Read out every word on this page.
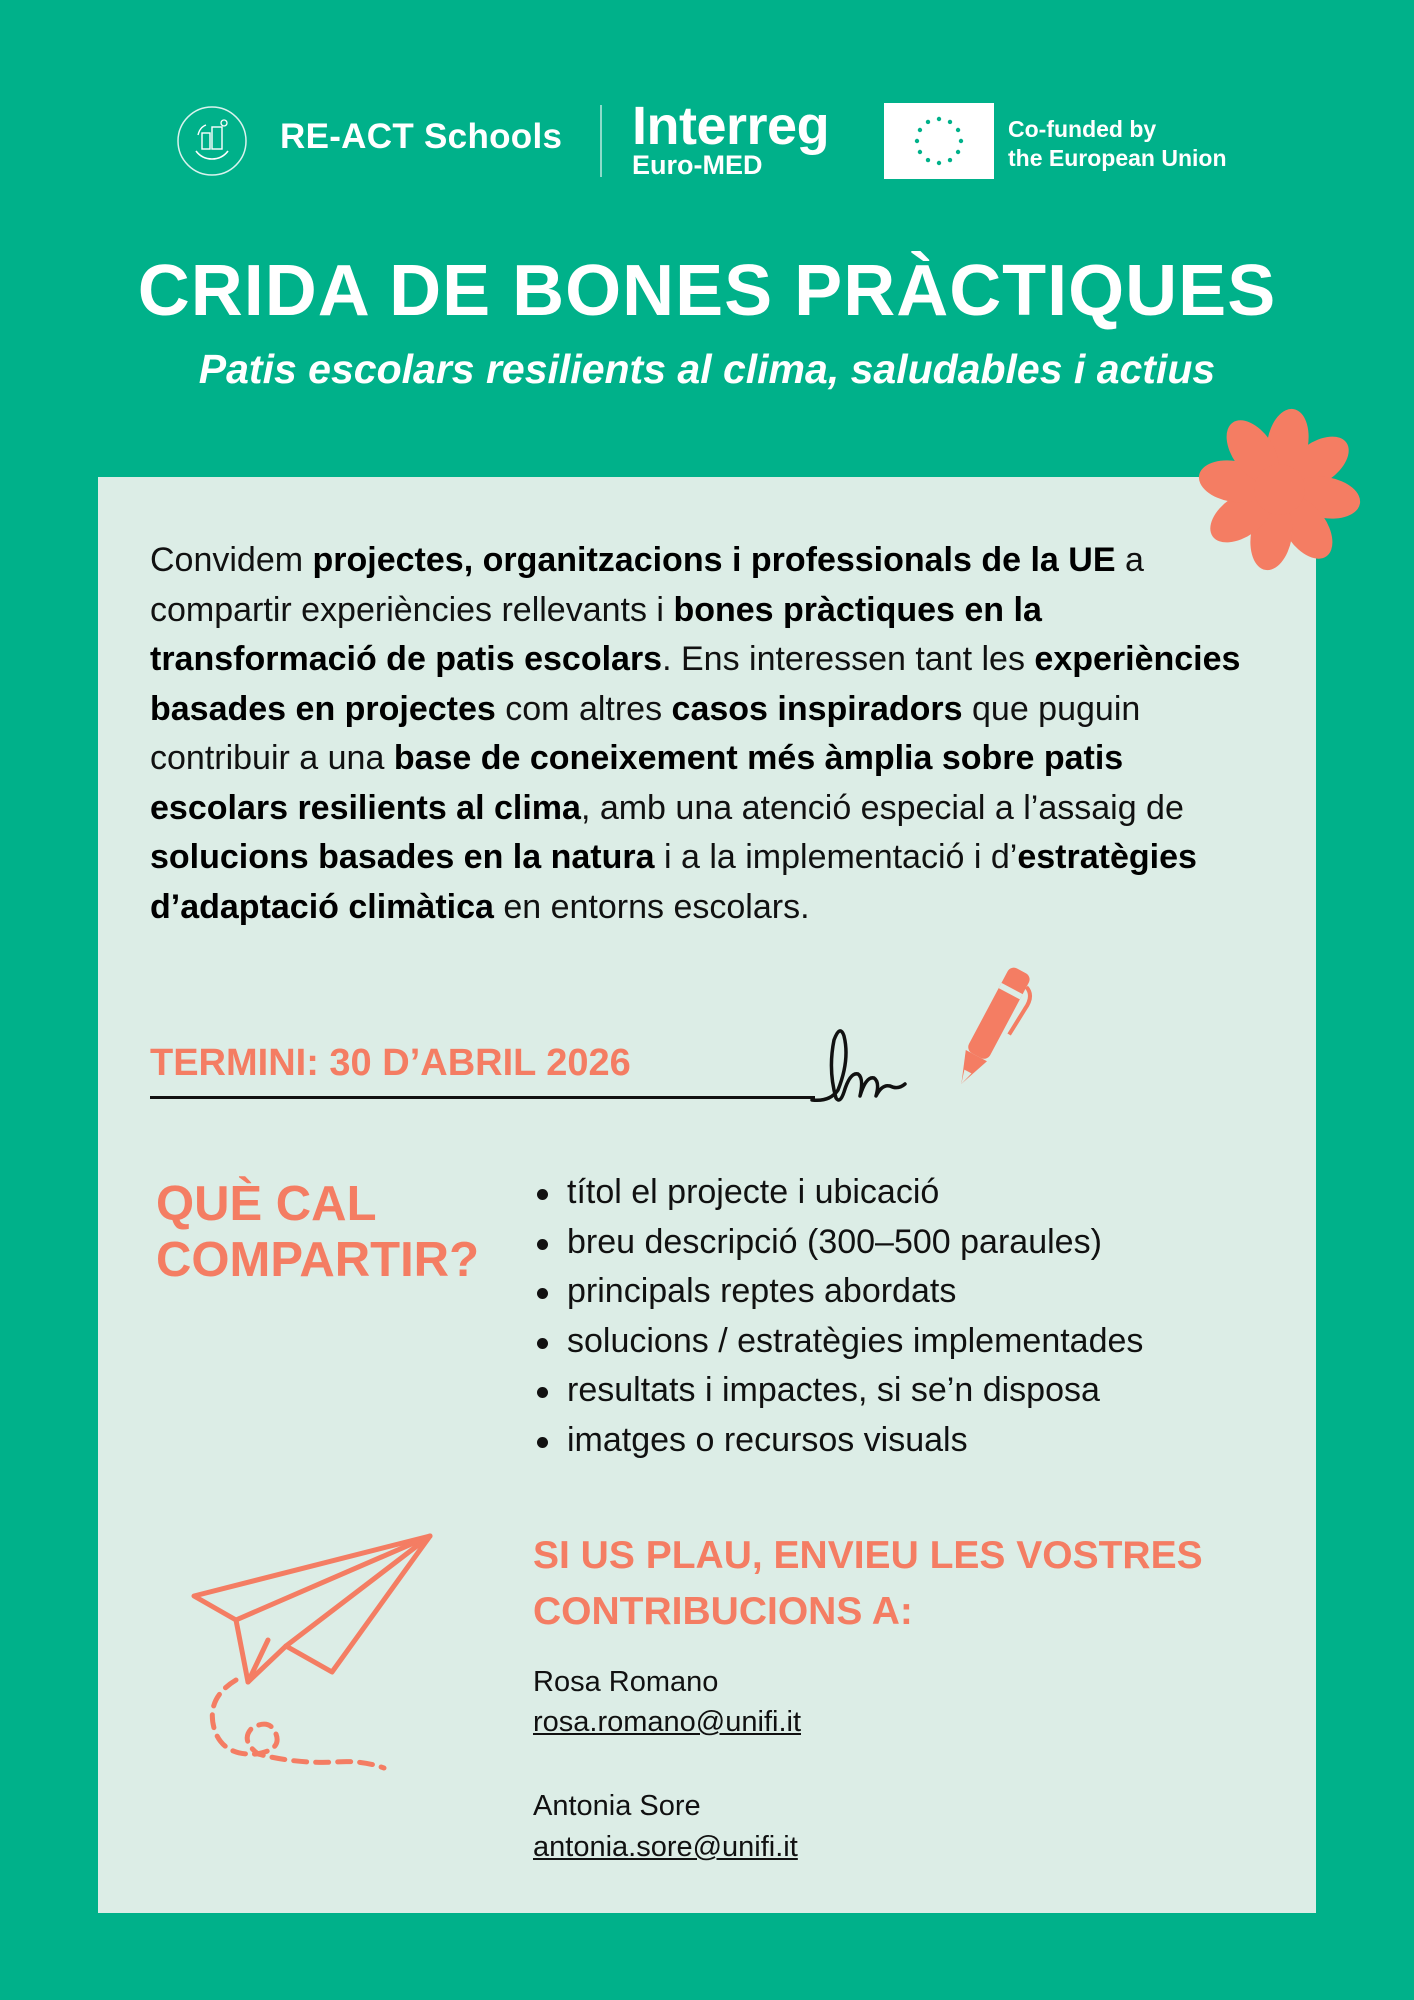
RE-ACT Schools Interreg
Euro-MED
Co-funded by
the European Union
CRIDA DE BONES PRÀCTIQUES
Patis escolars resilients al clima, saludables i actius
Convidem projectes, organitzacions i professionals de la UE a compartir experiències rellevants i bones pràctiques en la transformació de patis escolars. Ens interessen tant les experiències basades en projectes com altres casos inspiradors que puguin contribuir a una base de coneixement més àmplia sobre patis escolars resilients al clima, amb una atenció especial a l’assaig de solucions basades en la natura i a la implementació i d’estratègies d’adaptació climàtica en entorns escolars.
TERMINI: 30 D’ABRIL 2026
QUÈ CAL
COMPARTIR?
títol el projecte i ubicació
breu descripció (300–500 paraules)
principals reptes abordats
solucions / estratègies implementades
resultats i impactes, si se’n disposa
imatges o recursos visuals
SI US PLAU, ENVIEU LES VOSTRES CONTRIBUCIONS A:
Rosa Romano
rosa.romano@unifi.it
Antonia Sore
antonia.sore@unifi.it
